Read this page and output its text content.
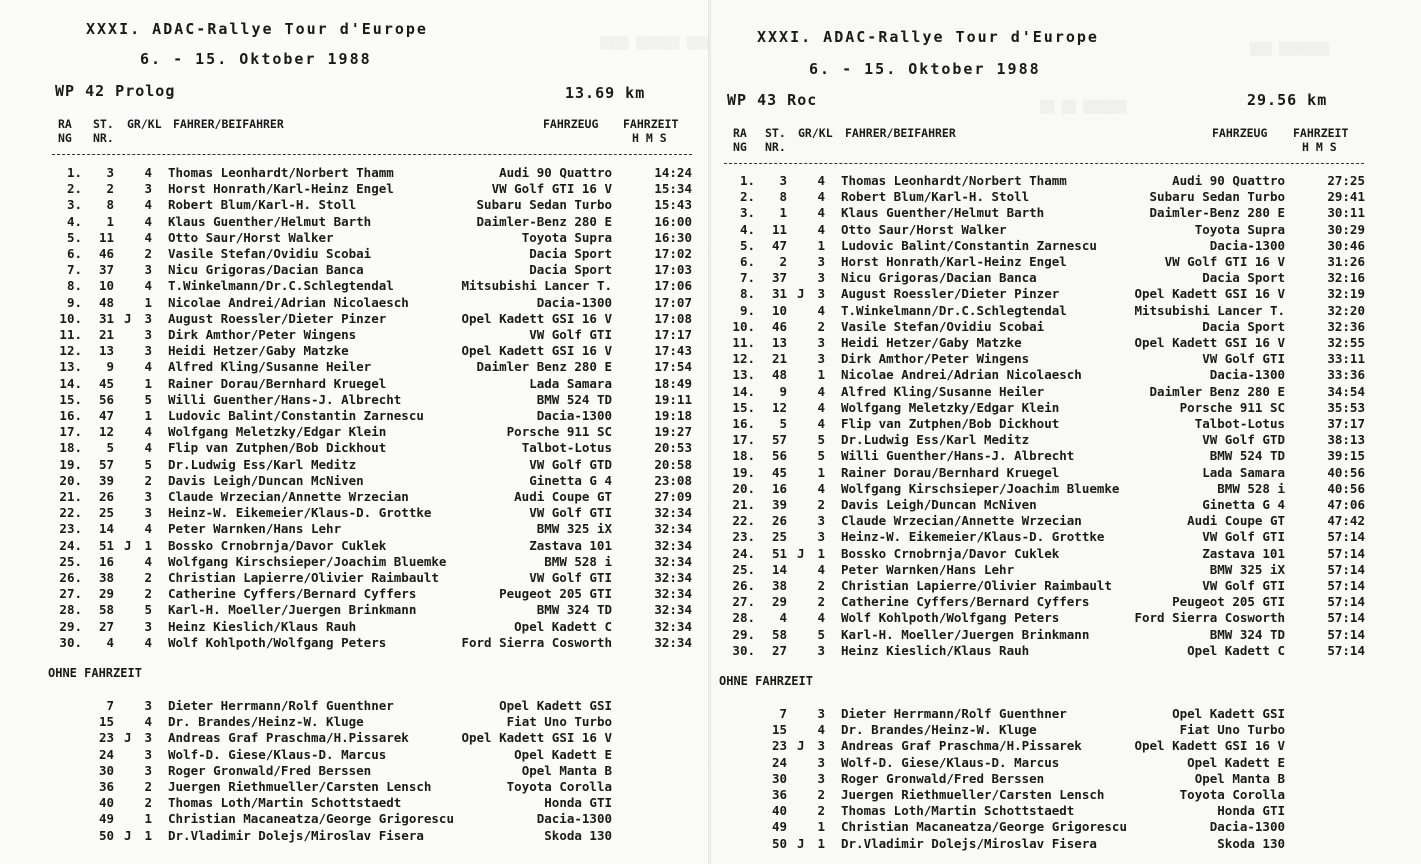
▒▒▒▒ ▒▒▒▒▒▒ ▒▒▒	▒▒▒ ▒▒▒▒▒▒▒
▒▒ ▒▒ ▒▒▒▒▒▒
XXXI. ADAC-Rallye Tour d'Europe
6. - 15. Oktober 1988
WP 42 Prolog	13.69 km
RA
NG
ST.
NR.
GR/KL FAHRER/BEIFAHRER	FAHRZEUG FAHRZEIT
H M S
1.	3	4 Thomas Leonhardt/Norbert Thamm	Audi 90 Quattro	14:24
2.	2	3 Horst Honrath/Karl-Heinz Engel	VW Golf GTI 16 V	15:34
3.	8	4 Robert Blum/Karl-H. Stoll	Subaru Sedan Turbo	15:43
4.	1	4 Klaus Guenther/Helmut Barth	Daimler-Benz 280 E	16:00
5.	11	4 Otto Saur/Horst Walker	Toyota Supra	16:30
6.	46	2 Vasile Stefan/Ovidiu Scobai	Dacia Sport	17:02
7.	37	3 Nicu Grigoras/Dacian Banca	Dacia Sport	17:03
8.	10	4 T.Winkelmann/Dr.C.Schlegtendal	Mitsubishi Lancer T.	17:06
9.	48	1 Nicolae Andrei/Adrian Nicolaesch	Dacia-1300	17:07
10.	31 J	3 August Roessler/Dieter Pinzer	Opel Kadett GSI 16 V	17:08
11.	21	3 Dirk Amthor/Peter Wingens	VW Golf GTI	17:17
12.	13	3 Heidi Hetzer/Gaby Matzke	Opel Kadett GSI 16 V	17:43
13.	9	4 Alfred Kling/Susanne Heiler	Daimler Benz 280 E	17:54
14.	45	1 Rainer Dorau/Bernhard Kruegel	Lada Samara	18:49
15.	56	5 Willi Guenther/Hans-J. Albrecht	BMW 524 TD	19:11
16.	47	1 Ludovic Balint/Constantin Zarnescu	Dacia-1300	19:18
17.	12	4 Wolfgang Meletzky/Edgar Klein	Porsche 911 SC	19:27
18.	5	4 Flip van Zutphen/Bob Dickhout	Talbot-Lotus	20:53
19.	57	5 Dr.Ludwig Ess/Karl Meditz	VW Golf GTD	20:58
20.	39	2 Davis Leigh/Duncan McNiven	Ginetta G 4	23:08
21.	26	3 Claude Wrzecian/Annette Wrzecian	Audi Coupe GT	27:09
22.	25	3 Heinz-W. Eikemeier/Klaus-D. Grottke	VW Golf GTI	32:34
23.	14	4 Peter Warnken/Hans Lehr	BMW 325 iX	32:34
24.	51 J	1 Bossko Crnobrnja/Davor Cuklek	Zastava 101	32:34
25.	16	4 Wolfgang Kirschsieper/Joachim Bluemke	BMW 528 i	32:34
26.	38	2 Christian Lapierre/Olivier Raimbault	VW Golf GTI	32:34
27.	29	2 Catherine Cyffers/Bernard Cyffers	Peugeot 205 GTI	32:34
28.	58	5 Karl-H. Moeller/Juergen Brinkmann	BMW 324 TD	32:34
29.	27	3 Heinz Kieslich/Klaus Rauh	Opel Kadett C	32:34
30.	4	4 Wolf Kohlpoth/Wolfgang Peters	Ford Sierra Cosworth	32:34
OHNE FAHRZEIT
7	3 Dieter Herrmann/Rolf Guenthner	Opel Kadett GSI
15	4 Dr. Brandes/Heinz-W. Kluge	Fiat Uno Turbo
23 J	3 Andreas Graf Praschma/H.Pissarek	Opel Kadett GSI 16 V
24	3 Wolf-D. Giese/Klaus-D. Marcus	Opel Kadett E
30	3 Roger Gronwald/Fred Berssen	Opel Manta B
36	2 Juergen Riethmueller/Carsten Lensch	Toyota Corolla
40	2 Thomas Loth/Martin Schottstaedt	Honda GTI
49	1 Christian Macaneatza/George Grigorescu	Dacia-1300
50 J	1 Dr.Vladimir Dolejs/Miroslav Fisera	Skoda 130
XXXI. ADAC-Rallye Tour d'Europe
6. - 15. Oktober 1988
WP 43 Roc	29.56 km
RA
NG
ST.
NR.
GR/KL FAHRER/BEIFAHRER	FAHRZEUG FAHRZEIT
H M S
1.	3	4 Thomas Leonhardt/Norbert Thamm	Audi 90 Quattro	27:25
2.	8	4 Robert Blum/Karl-H. Stoll	Subaru Sedan Turbo	29:41
3.	1	4 Klaus Guenther/Helmut Barth	Daimler-Benz 280 E	30:11
4.	11	4 Otto Saur/Horst Walker	Toyota Supra	30:29
5.	47	1 Ludovic Balint/Constantin Zarnescu	Dacia-1300	30:46
6.	2	3 Horst Honrath/Karl-Heinz Engel	VW Golf GTI 16 V	31:26
7.	37	3 Nicu Grigoras/Dacian Banca	Dacia Sport	32:16
8.	31 J	3 August Roessler/Dieter Pinzer	Opel Kadett GSI 16 V	32:19
9.	10	4 T.Winkelmann/Dr.C.Schlegtendal	Mitsubishi Lancer T.	32:20
10.	46	2 Vasile Stefan/Ovidiu Scobai	Dacia Sport	32:36
11.	13	3 Heidi Hetzer/Gaby Matzke	Opel Kadett GSI 16 V	32:55
12.	21	3 Dirk Amthor/Peter Wingens	VW Golf GTI	33:11
13.	48	1 Nicolae Andrei/Adrian Nicolaesch	Dacia-1300	33:36
14.	9	4 Alfred Kling/Susanne Heiler	Daimler Benz 280 E	34:54
15.	12	4 Wolfgang Meletzky/Edgar Klein	Porsche 911 SC	35:53
16.	5	4 Flip van Zutphen/Bob Dickhout	Talbot-Lotus	37:17
17.	57	5 Dr.Ludwig Ess/Karl Meditz	VW Golf GTD	38:13
18.	56	5 Willi Guenther/Hans-J. Albrecht	BMW 524 TD	39:15
19.	45	1 Rainer Dorau/Bernhard Kruegel	Lada Samara	40:56
20.	16	4 Wolfgang Kirschsieper/Joachim Bluemke	BMW 528 i	40:56
21.	39	2 Davis Leigh/Duncan McNiven	Ginetta G 4	47:06
22.	26	3 Claude Wrzecian/Annette Wrzecian	Audi Coupe GT	47:42
23.	25	3 Heinz-W. Eikemeier/Klaus-D. Grottke	VW Golf GTI	57:14
24.	51 J	1 Bossko Crnobrnja/Davor Cuklek	Zastava 101	57:14
25.	14	4 Peter Warnken/Hans Lehr	BMW 325 iX	57:14
26.	38	2 Christian Lapierre/Olivier Raimbault	VW Golf GTI	57:14
27.	29	2 Catherine Cyffers/Bernard Cyffers	Peugeot 205 GTI	57:14
28.	4	4 Wolf Kohlpoth/Wolfgang Peters	Ford Sierra Cosworth	57:14
29.	58	5 Karl-H. Moeller/Juergen Brinkmann	BMW 324 TD	57:14
30.	27	3 Heinz Kieslich/Klaus Rauh	Opel Kadett C	57:14
OHNE FAHRZEIT
7	3 Dieter Herrmann/Rolf Guenthner	Opel Kadett GSI
15	4 Dr. Brandes/Heinz-W. Kluge	Fiat Uno Turbo
23 J	3 Andreas Graf Praschma/H.Pissarek	Opel Kadett GSI 16 V
24	3 Wolf-D. Giese/Klaus-D. Marcus	Opel Kadett E
30	3 Roger Gronwald/Fred Berssen	Opel Manta B
36	2 Juergen Riethmueller/Carsten Lensch	Toyota Corolla
40	2 Thomas Loth/Martin Schottstaedt	Honda GTI
49	1 Christian Macaneatza/George Grigorescu	Dacia-1300
50 J	1 Dr.Vladimir Dolejs/Miroslav Fisera	Skoda 130
